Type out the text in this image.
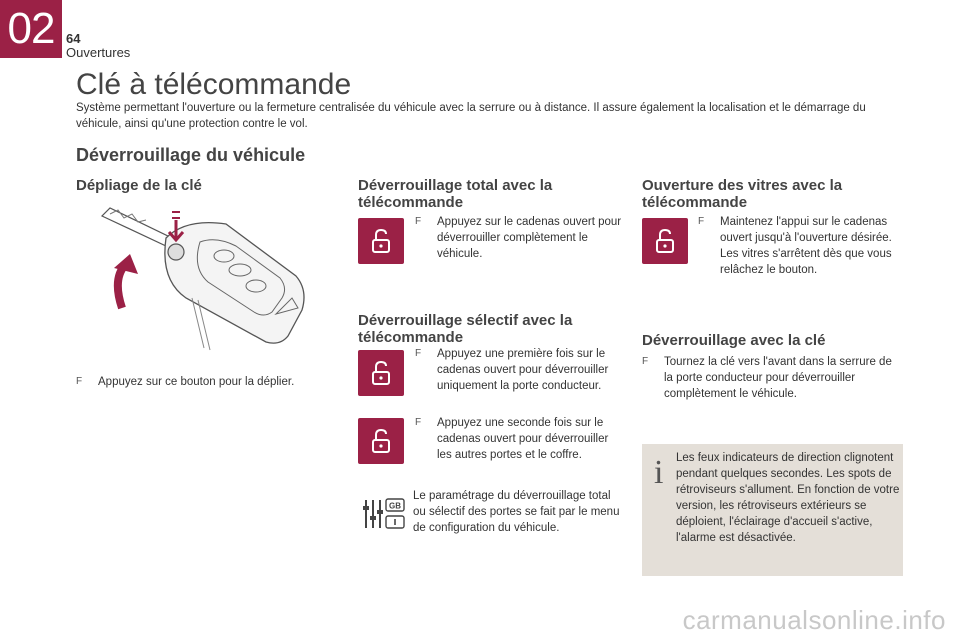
02 64
Ouvertures
Clé à télécommande

Système permettant l'ouverture ou la fermeture centralisée du véhicule avec la serrure ou à distance. Il assure également la localisation et le démarrage du véhicule, ainsi qu'une protection contre le vol.

Déverrouillage du véhicule
Dépliage de la clé
F Appuyez sur ce bouton pour la déplier.
Déverrouillage total avec la télécommande
F Appuyez sur le cadenas ouvert pour déverrouiller complètement le véhicule.
Déverrouillage sélectif avec la télécommande
F Appuyez une première fois sur le cadenas ouvert pour déverrouiller uniquement la porte conducteur.
F Appuyez une seconde fois sur le cadenas ouvert pour déverrouiller les autres portes et le coffre.
GB

Le paramétrage du déverrouillage total ou sélectif des portes se fait par le menu de configuration du véhicule.

Ouverture des vitres avec la télécommande
F Maintenez l'appui sur le cadenas ouvert jusqu'à l'ouverture désirée. Les vitres s'arrêtent dès que vous relâchez le bouton.
Déverrouillage avec la clé
F Tournez la clé vers l'avant dans la serrure de la porte conducteur pour déverrouiller complètement le véhicule.
i Les feux indicateurs de direction clignotent pendant quelques secondes. Les spots de rétroviseurs s'allument. En fonction de votre version, les rétroviseurs extérieurs se déploient, l'éclairage d'accueil s'active, l'alarme est désactivée.

carmanualsonline.info
